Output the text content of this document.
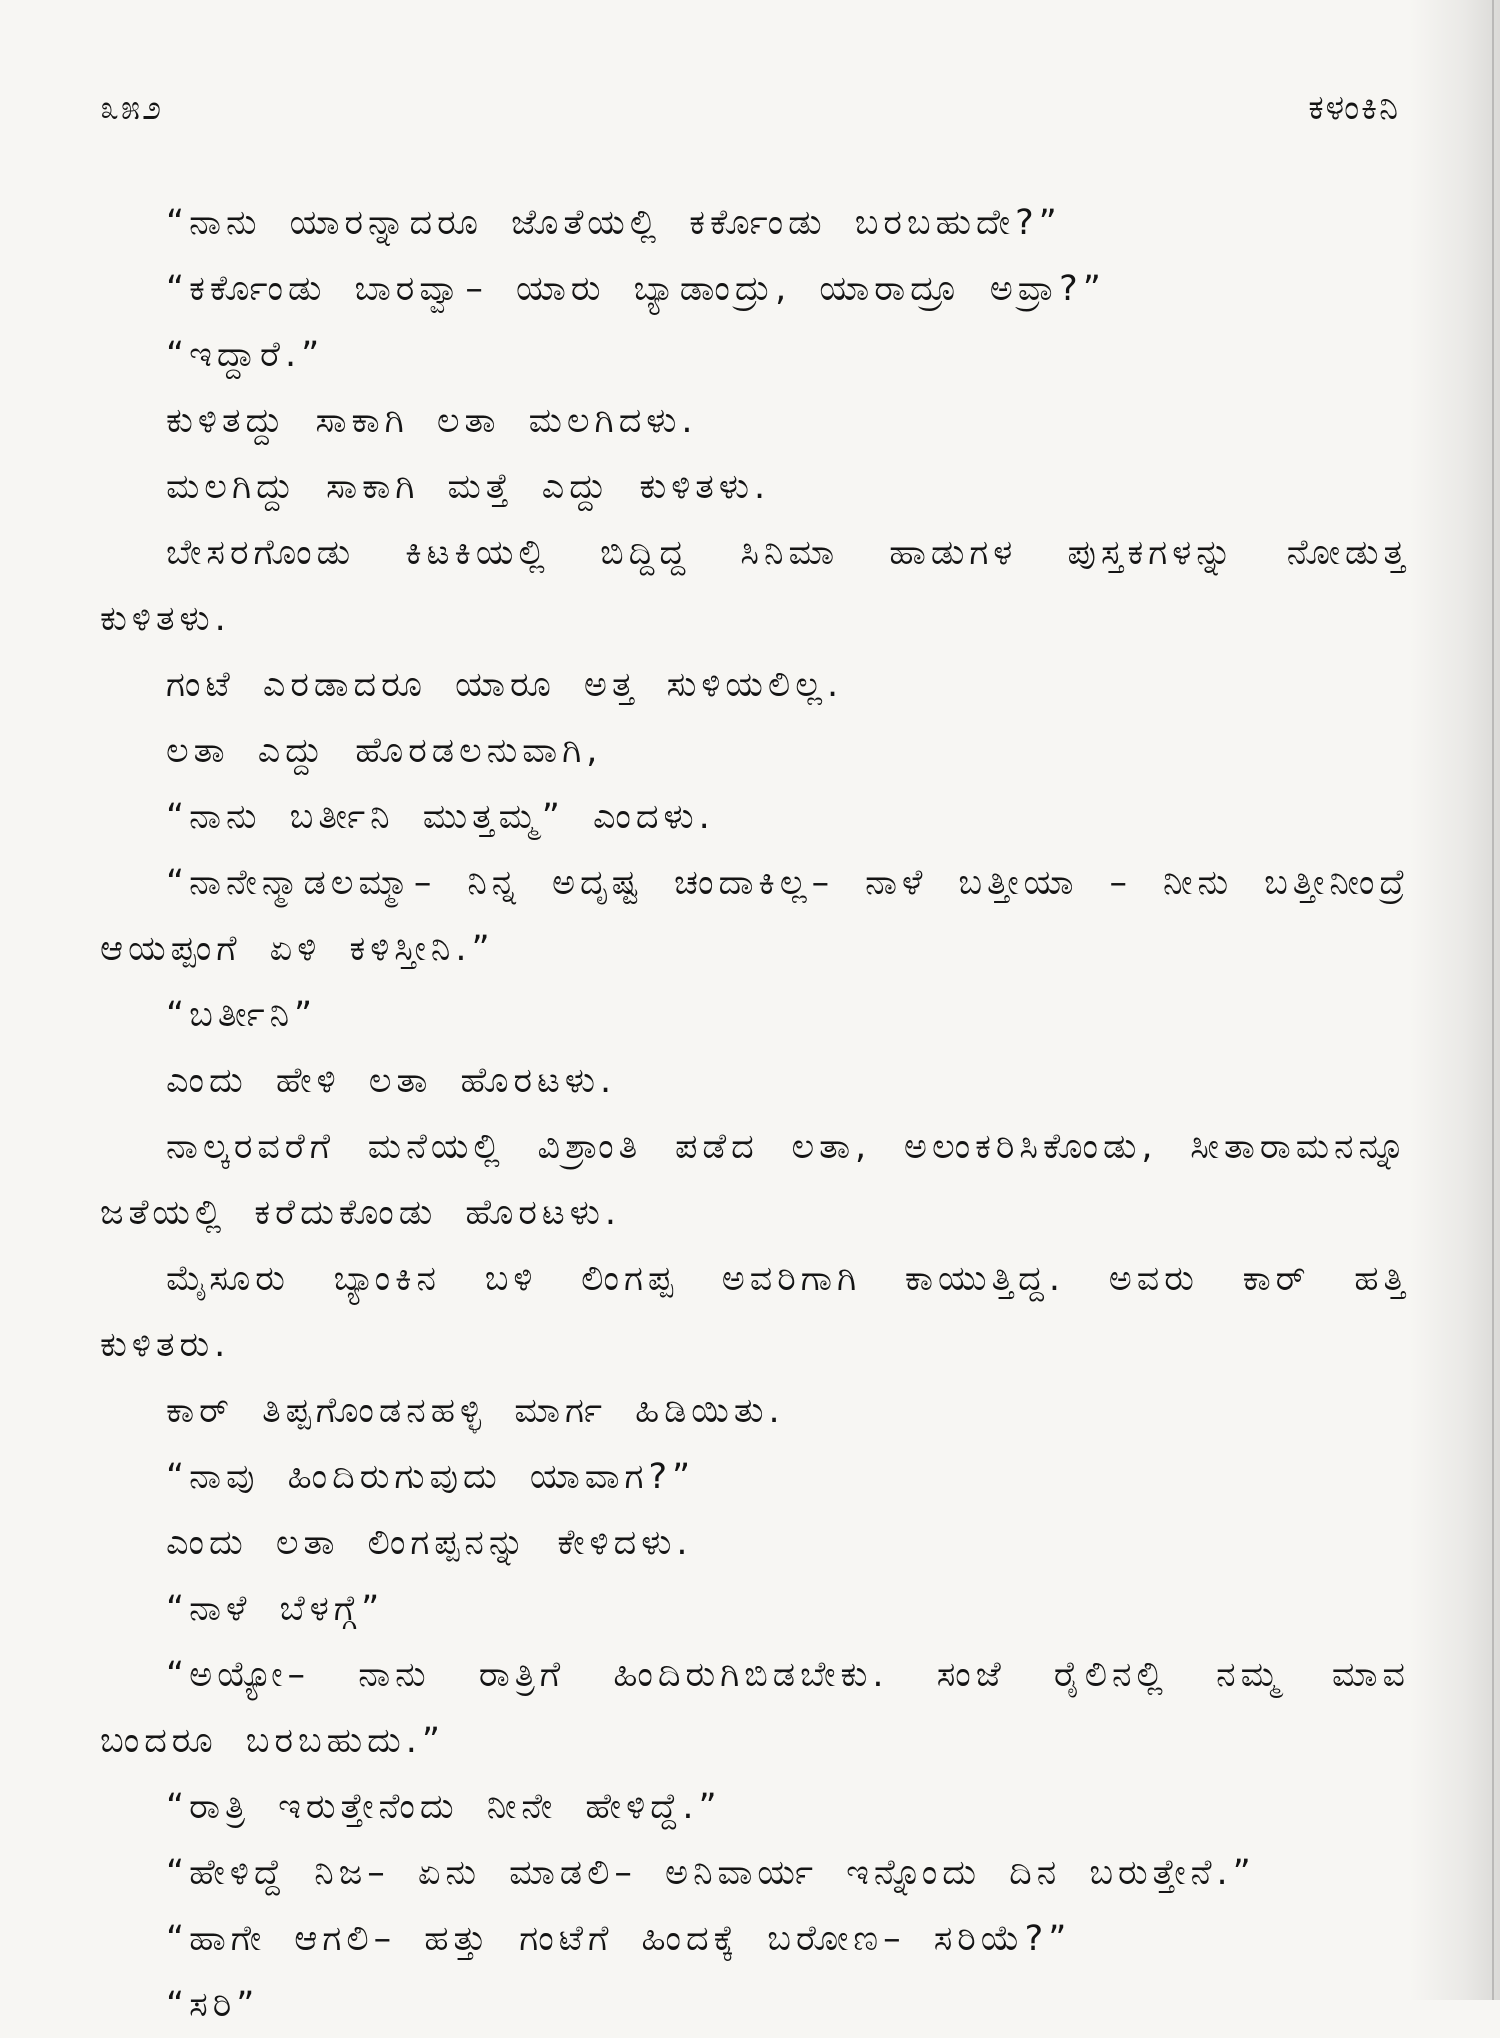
೩೫೨	ಕಳಂಕಿನಿ

“ನಾನು ಯಾರನ್ನಾದರೂ ಜೊತೆಯಲ್ಲಿ ಕರ್ಕೊಂಡು ಬರಬಹುದೇ?”

“ಕರ್ಕೊಂಡು ಬಾರವ್ವಾ– ಯಾರು ಬ್ಯಾಡಾಂದ್ರು, ಯಾರಾದ್ರೂ ಅವ್ರಾ?”

“ಇದ್ದಾರೆ.”

ಕುಳಿತದ್ದು ಸಾಕಾಗಿ ಲತಾ ಮಲಗಿದಳು.

ಮಲಗಿದ್ದು ಸಾಕಾಗಿ ಮತ್ತೆ ಎದ್ದು ಕುಳಿತಳು.

ಬೇಸರಗೊಂಡು ಕಿಟಕಿಯಲ್ಲಿ ಬಿದ್ದಿದ್ದ ಸಿನಿಮಾ ಹಾಡುಗಳ ಪುಸ್ತಕಗಳನ್ನು ನೋಡುತ್ತ ಕುಳಿತಳು.

ಗಂಟೆ ಎರಡಾದರೂ ಯಾರೂ ಅತ್ತ ಸುಳಿಯಲಿಲ್ಲ.

ಲತಾ ಎದ್ದು ಹೊರಡಲನುವಾಗಿ,

“ನಾನು ಬರ್ತೀನಿ ಮುತ್ತಮ್ಮ” ಎಂದಳು.

“ನಾನೇನ್ಮಾಡಲಮ್ಮಾ– ನಿನ್ನ ಅದೃಷ್ಟ ಚಂದಾಕಿಲ್ಲ– ನಾಳೆ ಬತ್ತೀಯಾ – ನೀನು ಬತ್ತೀನೀಂದ್ರೆ ಆಯಪ್ಪಂಗೆ ಏಳಿ ಕಳಿಸ್ತೀನಿ.”

“ಬರ್ತೀನಿ”

ಎಂದು ಹೇಳಿ ಲತಾ ಹೊರಟಳು.

ನಾಲ್ಕರವರೆಗೆ ಮನೆಯಲ್ಲಿ ವಿಶ್ರಾಂತಿ ಪಡೆದ ಲತಾ, ಅಲಂಕರಿಸಿಕೊಂಡು, ಸೀತಾರಾಮನನ್ನೂ ಜತೆಯಲ್ಲಿ ಕರೆದುಕೊಂಡು ಹೊರಟಳು.

ಮೈಸೂರು ಬ್ಯಾಂಕಿನ ಬಳಿ ಲಿಂಗಪ್ಪ ಅವರಿಗಾಗಿ ಕಾಯುತ್ತಿದ್ದ. ಅವರು ಕಾರ್ ಹತ್ತಿ ಕುಳಿತರು.

ಕಾರ್ ತಿಪ್ಪಗೊಂಡನಹಳ್ಳಿ ಮಾರ್ಗ ಹಿಡಿಯಿತು.

“ನಾವು ಹಿಂದಿರುಗುವುದು ಯಾವಾಗ?”

ಎಂದು ಲತಾ ಲಿಂಗಪ್ಪನನ್ನು ಕೇಳಿದಳು.

“ನಾಳೆ ಬೆಳಗ್ಗೆ”

“ಅಯ್ಯೋ– ನಾನು ರಾತ್ರಿಗೆ ಹಿಂದಿರುಗಿಬಿಡಬೇಕು. ಸಂಜೆ ರೈಲಿನಲ್ಲಿ ನಮ್ಮ ಮಾವ ಬಂದರೂ ಬರಬಹುದು.”

“ರಾತ್ರಿ ಇರುತ್ತೇನೆಂದು ನೀನೇ ಹೇಳಿದ್ದೆ.”

“ಹೇಳಿದ್ದೆ ನಿಜ– ಏನು ಮಾಡಲಿ– ಅನಿವಾರ್ಯ ಇನ್ನೊಂದು ದಿನ ಬರುತ್ತೇನೆ.”

“ಹಾಗೇ ಆಗಲಿ– ಹತ್ತು ಗಂಟೆಗೆ ಹಿಂದಕ್ಕೆ ಬರೋಣ– ಸರಿಯೆ?”

“ಸರಿ”
